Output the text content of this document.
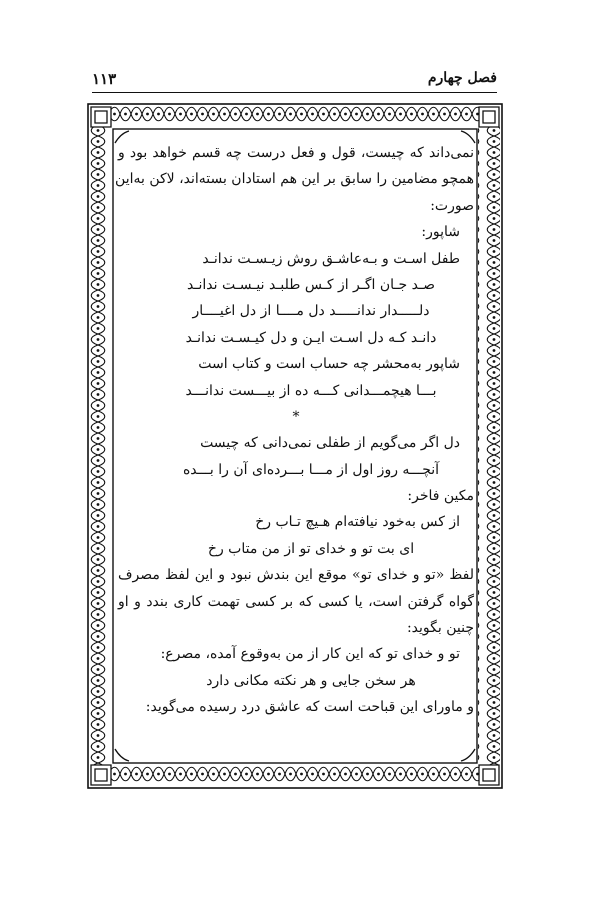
۱۱۳	فصل چهارم
نمی‌داند که چیست، قول و فعل درست چه قسم خواهد بود و
همچو مضامین را سابق بر این هم استادان بسته‌اند، لاکن به‌این
صورت:
شاپور:
طفل اسـت و بـه‌عاشـق روش زیـسـت ندانـد
صـد جـان اگـر از کـس طلبـد نیـسـت ندانـد
دلـــــدار ندانـــــد دل مــــا از دل اغیــــار
دانـد کـه دل اسـت ایـن و دل کیـسـت ندانـد
شاپور به‌محشر چه حساب است و کتاب است
بـــا هیچمـــدانی کـــه ده از بیـــست ندانـــد
*
دل اگر می‌گویم از طفلی نمی‌دانی که چیست
آنچـــه روز اول از مـــا بـــرده‌ای آن را بـــده
مکین فاخر:
از کس به‌خود نیافته‌ام هـیچ تـاب رخ
ای بت تو و خدای تو از من متاب رخ
لفظ «تو و خدای تو» موقع این بندش نبود و این لفظ مصرف
گواه گرفتن است، یا کسی که بر کسی تهمت کاری بندد و او
چنین بگوید:
تو و خدای تو که این کار از من به‌وقوع آمده، مصرع:
هر سخن جایی و هر نکته مکانی دارد
و ماورای این قباحت است که عاشق درد رسیده می‌گوید:
